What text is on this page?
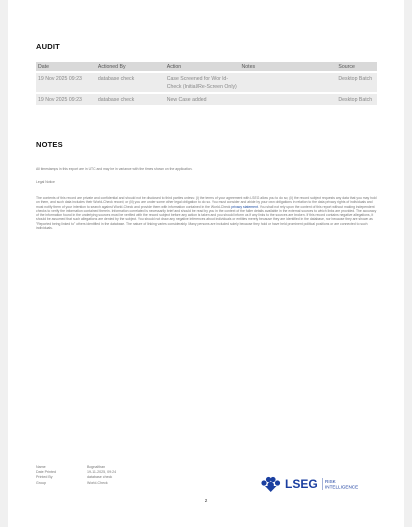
AUDIT
Date	Actioned By	Action	Notes	Source
19 Nov 2025 09:23	database check	Case Screened for Wor ld-Check (Initial/Re-Screen Only)		Desktop Batch
19 Nov 2025 09:23	database check	New Case added		Desktop Batch
NOTES
All timestamps in this export are in UTC and may be in variance with the times shown on the application.
Legal Notice
The contents of this record are private and confidential and should not be disclosed to third parties unless: (i) the terms of your agreement with LSEG allow you to do so; (ii) the record subject requests any data that you may hold on them, and such data includes their World-Check record; or (iii) you are under some other legal obligation to do so. You must consider and abide by your own obligations in relation to the data privacy rights of individuals and must notify them of your intention to search against World-Check and provide them with information contained in the World-Check privacy statement. You shall not rely upon the content of this report without making independent checks to verify the information contained therein. Information correlated is necessarily brief and should be read by you in the context of the fuller details available in the external sources to which links are provided. The accuracy of the information found in the underlying sources must be verified with the record subject before any action is taken and you should inform us if any links to the sources are broken. If this record contains negative allegations, it should be assumed that such allegations are denied by the subject. You should not draw any negative inferences about individuals or entities merely because they are identified in the database, nor because they are shown as "Reported being linked to" others identified in the database. The nature of linking varies considerably. Many persons are included solely because they hold or have held prominent political positions or are connected to such individuals.
Name	Bognalthan
Date Printed	19-11-2025, 09:24
Printed By	database check
Group	World-Check	LSEG RISK
INTELLIGENCE
2
